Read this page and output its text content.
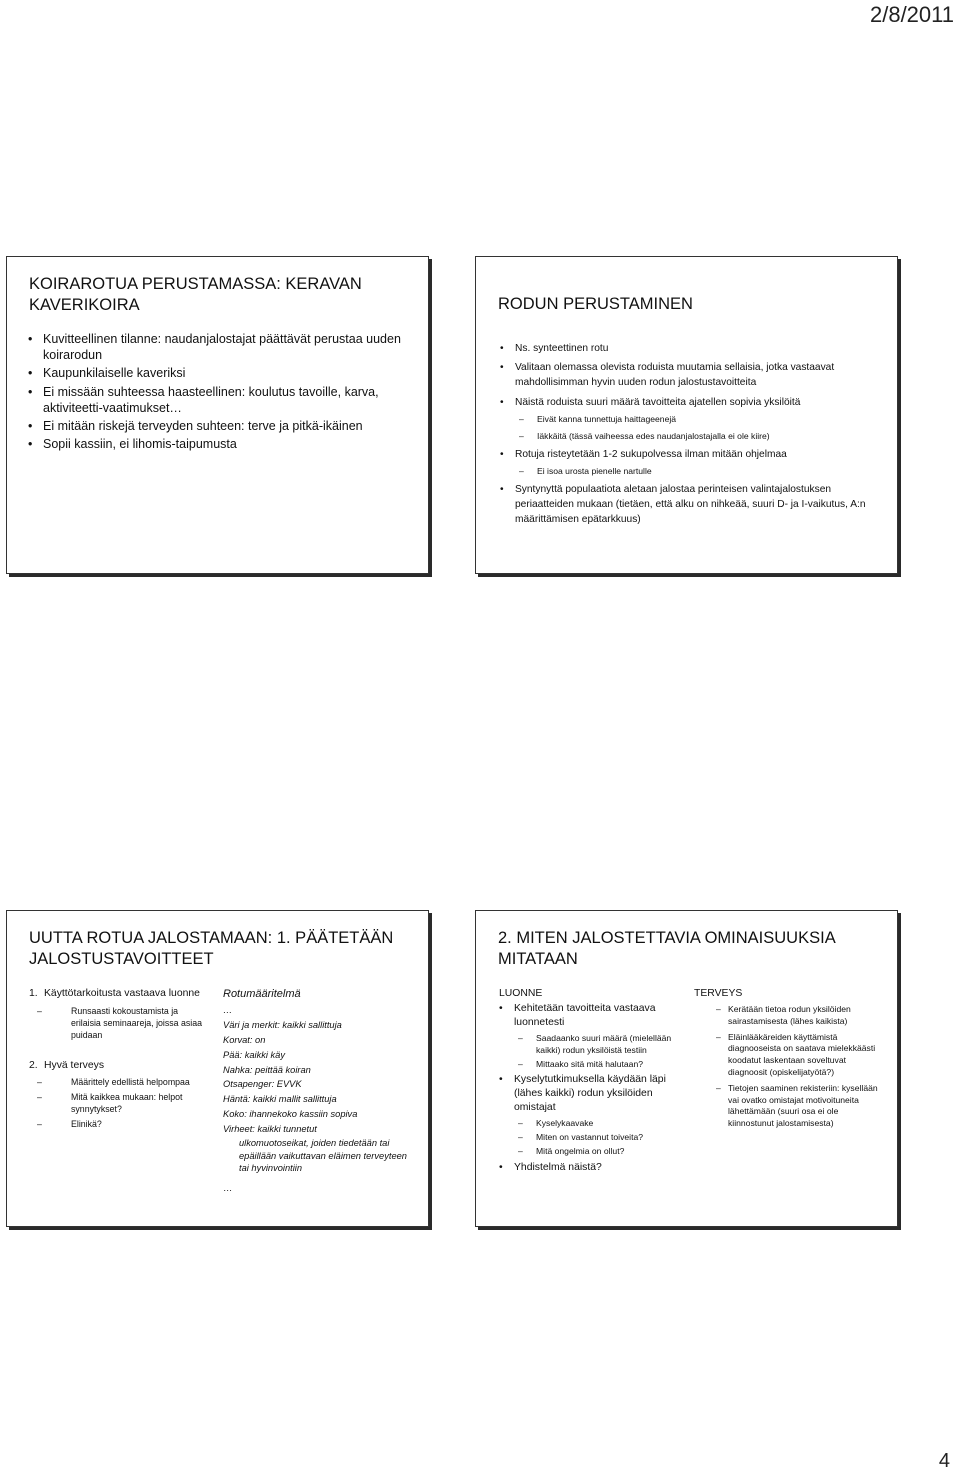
2/8/2011
KOIRAROTUA PERUSTAMASSA: KERAVAN KAVERIKOIRA
• Kuvitteellinen tilanne: naudanjalostajat päättävät perustaa uuden koirarodun
• Kaupunkilaiselle kaveriksi
• Ei missään suhteessa haasteellinen: koulutus tavoille, karva, aktiviteetti-vaatimukset…
• Ei mitään riskejä terveyden suhteen: terve ja pitkä-ikäinen
• Sopii kassiin, ei lihomis-taipumusta
RODUN PERUSTAMINEN
• Ns. synteettinen rotu
• Valitaan olemassa olevista roduista muutamia sellaisia, jotka vastaavat mahdollisimman hyvin uuden rodun jalostustavoitteita
• Näistä roduista suuri määrä tavoitteita ajatellen sopivia yksilöitä
– Eivät kanna tunnettuja haittageenejä
– Iäkkäitä (tässä vaiheessa edes naudanjalostajalla ei ole kiire)
• Rotuja risteytetään 1-2 sukupolvessa ilman mitään ohjelmaa
– Ei isoa urosta pienelle nartulle
• Syntynyttä populaatiota aletaan jalostaa perinteisen valintajalostuksen periaatteiden mukaan (tietäen, että alku on nihkeää, suuri D- ja I-vaikutus, A:n määrittämisen epätarkkuus)
UUTTA ROTUA JALOSTAMAAN: 1. PÄÄTETÄÄN JALOSTUSTAVOITTEET
1. Käyttötarkoitusta vastaava luonne
– Runsaasti kokoustamista ja erilaisia seminaareja, joissa asiaa puidaan
2. Hyvä terveys
– Määrittely edellistä helpompaa
– Mitä kaikkea mukaan: helpot synnytykset?
– Elinikä?
Rotumääritelmä
…
Väri ja merkit: kaikki sallittuja
Korvat: on
Pää: kaikki käy
Nahka: peittää koiran
Otsapenger: EVVK
Häntä: kaikki mallit sallittuja
Koko: ihannekoko kassiin sopiva
Virheet: kaikki tunnetut
ulkomuotoseikat, joiden tiedetään tai epäillään vaikuttavan eläimen terveyteen tai hyvinvointiin
…
2. MITEN JALOSTETTAVIA OMINAISUUKSIA MITATAAN
LUONNE
• Kehitetään tavoitteita vastaava luonnetesti
– Saadaanko suuri määrä (mielellään kaikki) rodun yksilöistä testiin
– Mittaako sitä mitä halutaan?
• Kyselytutkimuksella käydään läpi (lähes kaikki) rodun yksilöiden omistajat
– Kyselykaavake
– Miten on vastannut toiveita?
– Mitä ongelmia on ollut?
• Yhdistelmä näistä?
TERVEYS
– Kerätään tietoa rodun yksilöiden sairastamisesta (lähes kaikista)
– Eläinlääkäreiden käyttämistä diagnooseista on saatava mielekkäästi koodatut laskentaan soveltuvat diagnoosit (opiskelijatyötä?)
– Tietojen saaminen rekisteriin: kysellään vai ovatko omistajat motivoituneita lähettämään (suuri osa ei ole kiinnostunut jalostamisesta)
4
